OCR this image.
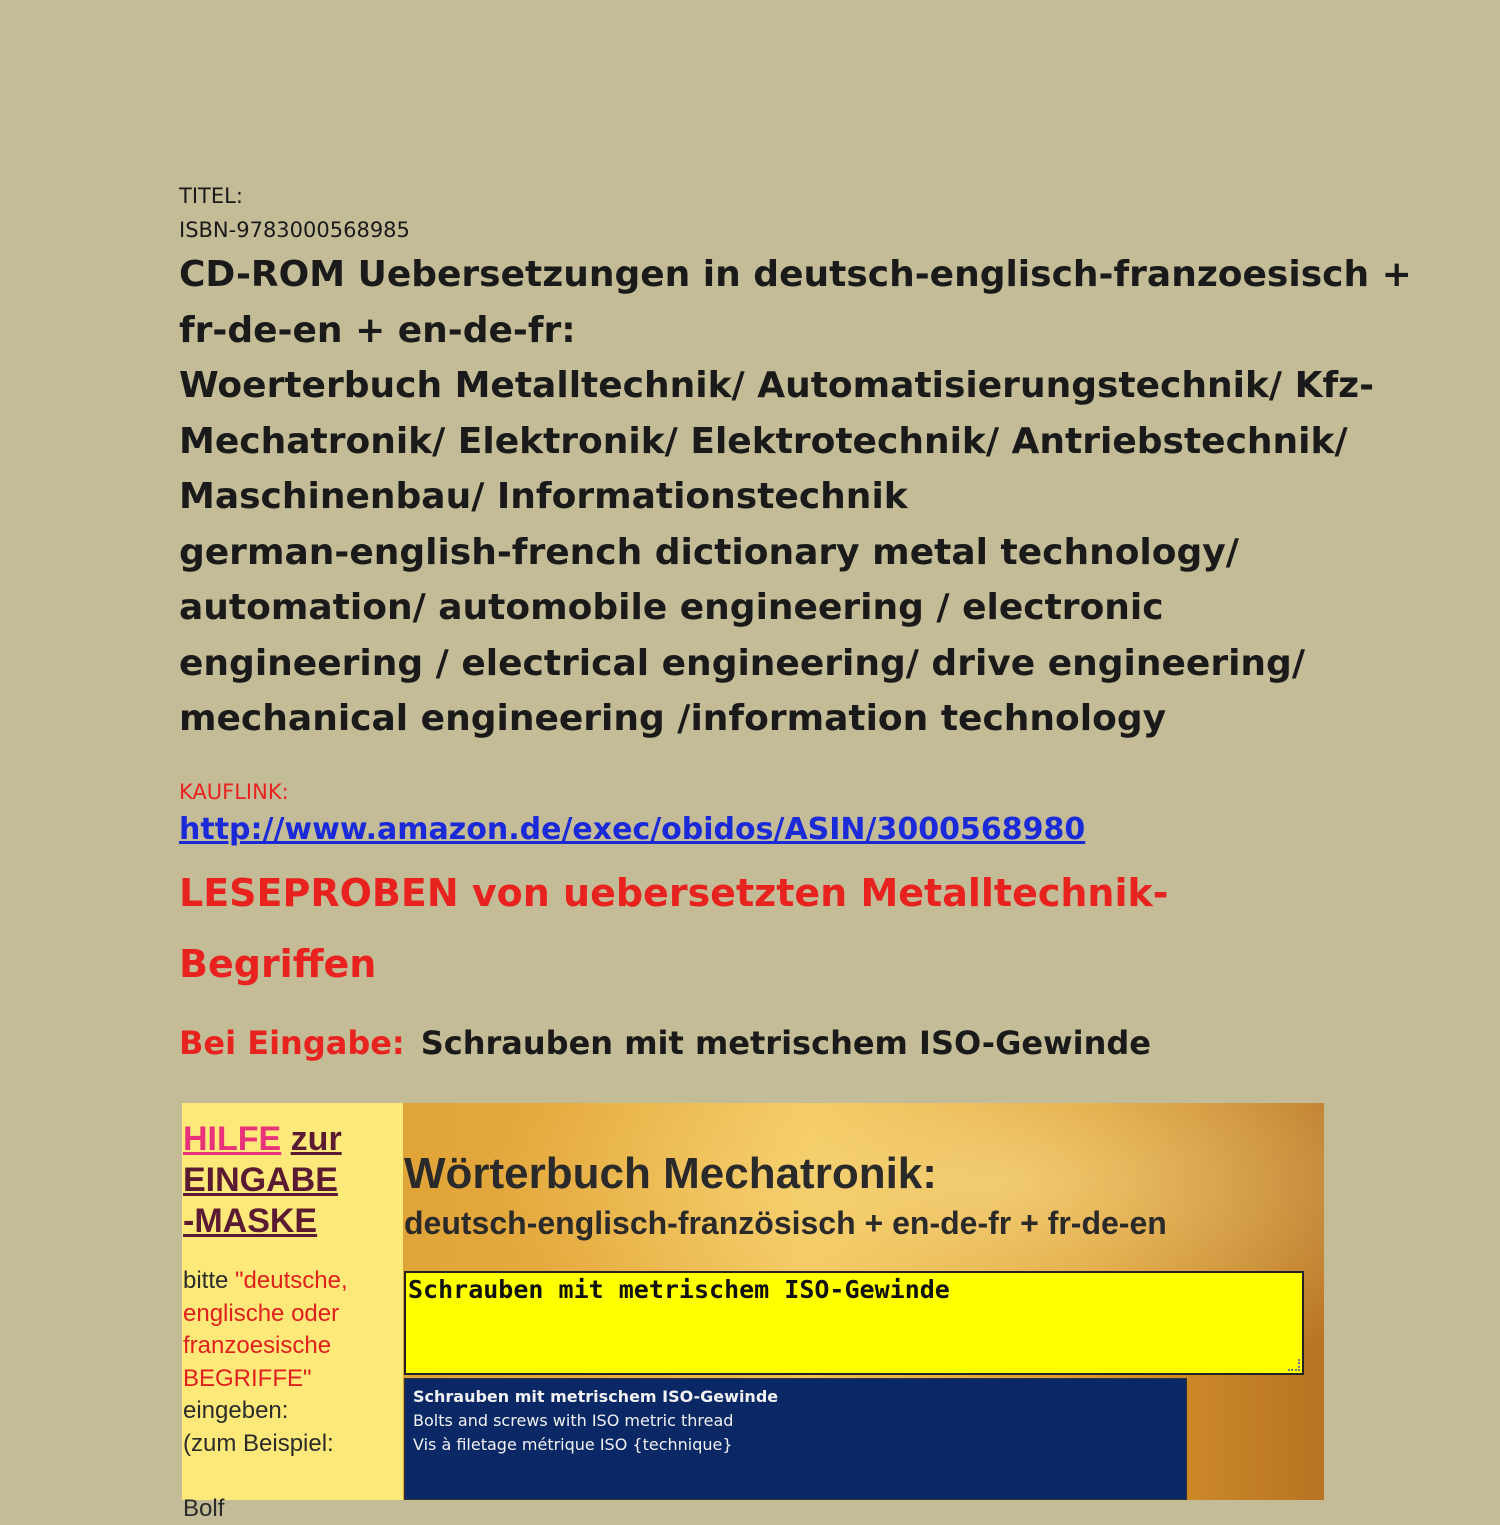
TITEL:
ISBN-9783000568985
CD-ROM Uebersetzungen in deutsch-englisch-franzoesisch +
fr-de-en + en-de-fr:
Woerterbuch Metalltechnik/ Automatisierungstechnik/ Kfz-
Mechatronik/ Elektronik/ Elektrotechnik/ Antriebstechnik/
Maschinenbau/ Informationstechnik
german-english-french dictionary metal technology/
automation/ automobile engineering / electronic
engineering / electrical engineering/ drive engineering/
mechanical engineering /information technology
KAUFLINK:
http://www.amazon.de/exec/obidos/ASIN/3000568980
LESEPROBEN von uebersetzten Metalltechnik-
Begriffen
Bei Eingabe: Schrauben mit metrischem ISO-Gewinde
HILFE zur
EINGABE
-MASKE
bitte "deutsche,
englische oder
franzoesische
BEGRIFFE"
eingeben:
(zum Beispiel:

Bolf
Wörterbuch Mechatronik:
deutsch-englisch-französisch + en-de-fr + fr-de-en
Schrauben mit metrischem ISO-Gewinde
Schrauben mit metrischem ISO-Gewinde
Bolts and screws with ISO metric thread
Vis à filetage métrique ISO {technique}
